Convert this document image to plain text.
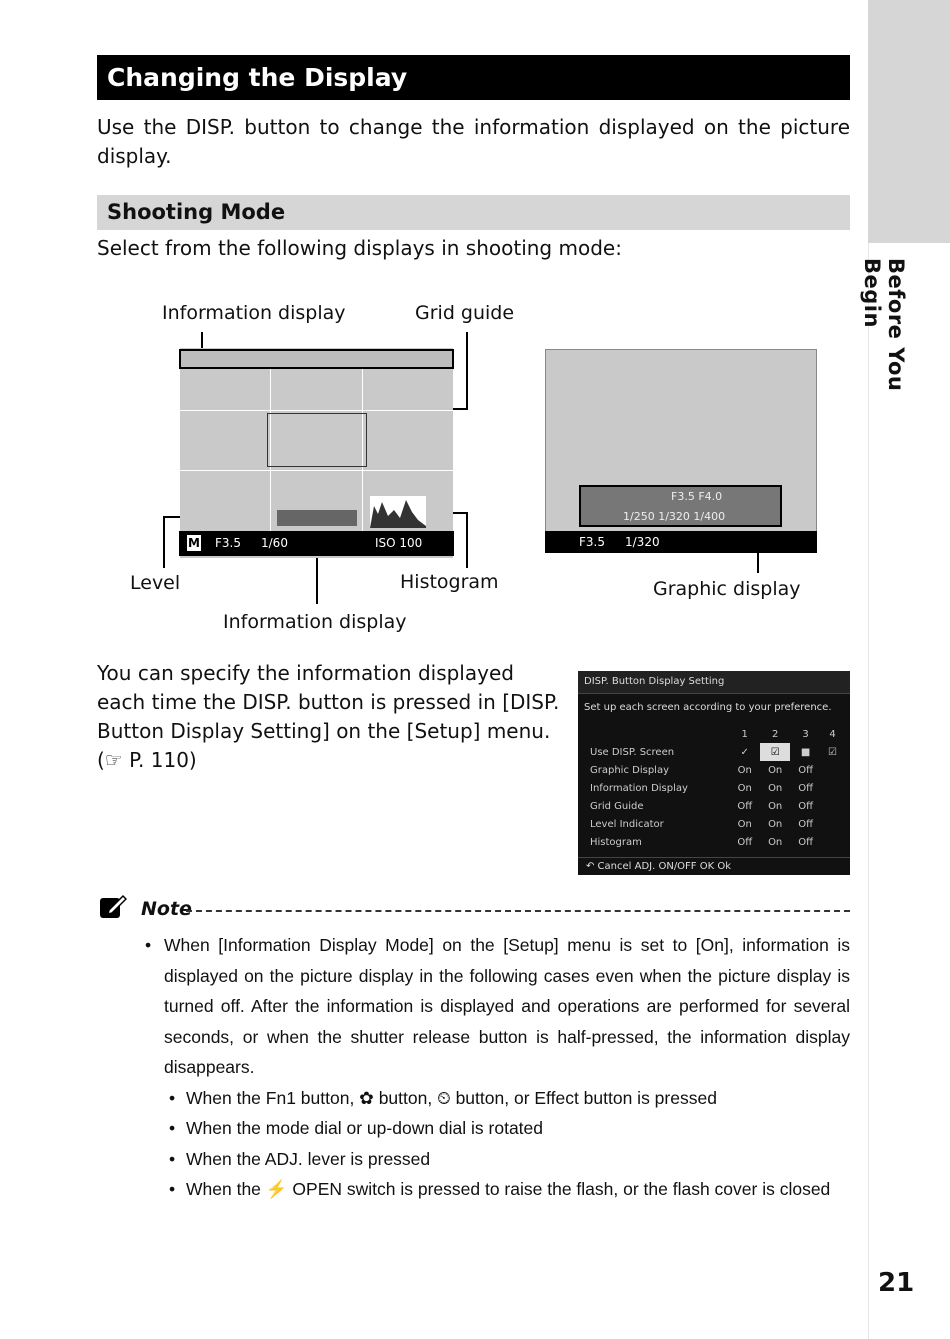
Before You Begin
21
Changing the Display
Use the DISP. button to change the information displayed on the picture display.
Shooting Mode
Select from the following displays in shooting mode:
Information display	Grid guide
Level	Histogram
Information display
Graphic display
M F3.5 1/60	ISO 100
F3.5 F4.0
1/250 1/320 1/400
F3.5 1/320
You can specify the information displayed each time the DISP. button is pressed in [DISP. Button Display Setting] on the [Setup] menu. (☞ P. 110)
DISP. Button Display Setting
Set up each screen according to your preference.
	1	2	3	4
Use DISP. Screen	✓	☑	■	☑
Graphic Display	On	On	Off	
Information Display	On	On	Off	
Grid Guide	Off	On	Off	
Level Indicator	On	On	Off	
Histogram	Off	On	Off	
↶ Cancel ADJ. ON/OFF OK Ok
Note
• When [Information Display Mode] on the [Setup] menu is set to [On], information is displayed on the picture display in the following cases even when the picture display is turned off. After the information is displayed and operations are performed for several seconds, or when the shutter release button is half-pressed, the information display disappears.
• When the Fn1 button, ✿ button, ⏲ button, or Effect button is pressed
• When the mode dial or up-down dial is rotated
• When the ADJ. lever is pressed
• When the ⚡ OPEN switch is pressed to raise the flash, or the flash cover is closed
